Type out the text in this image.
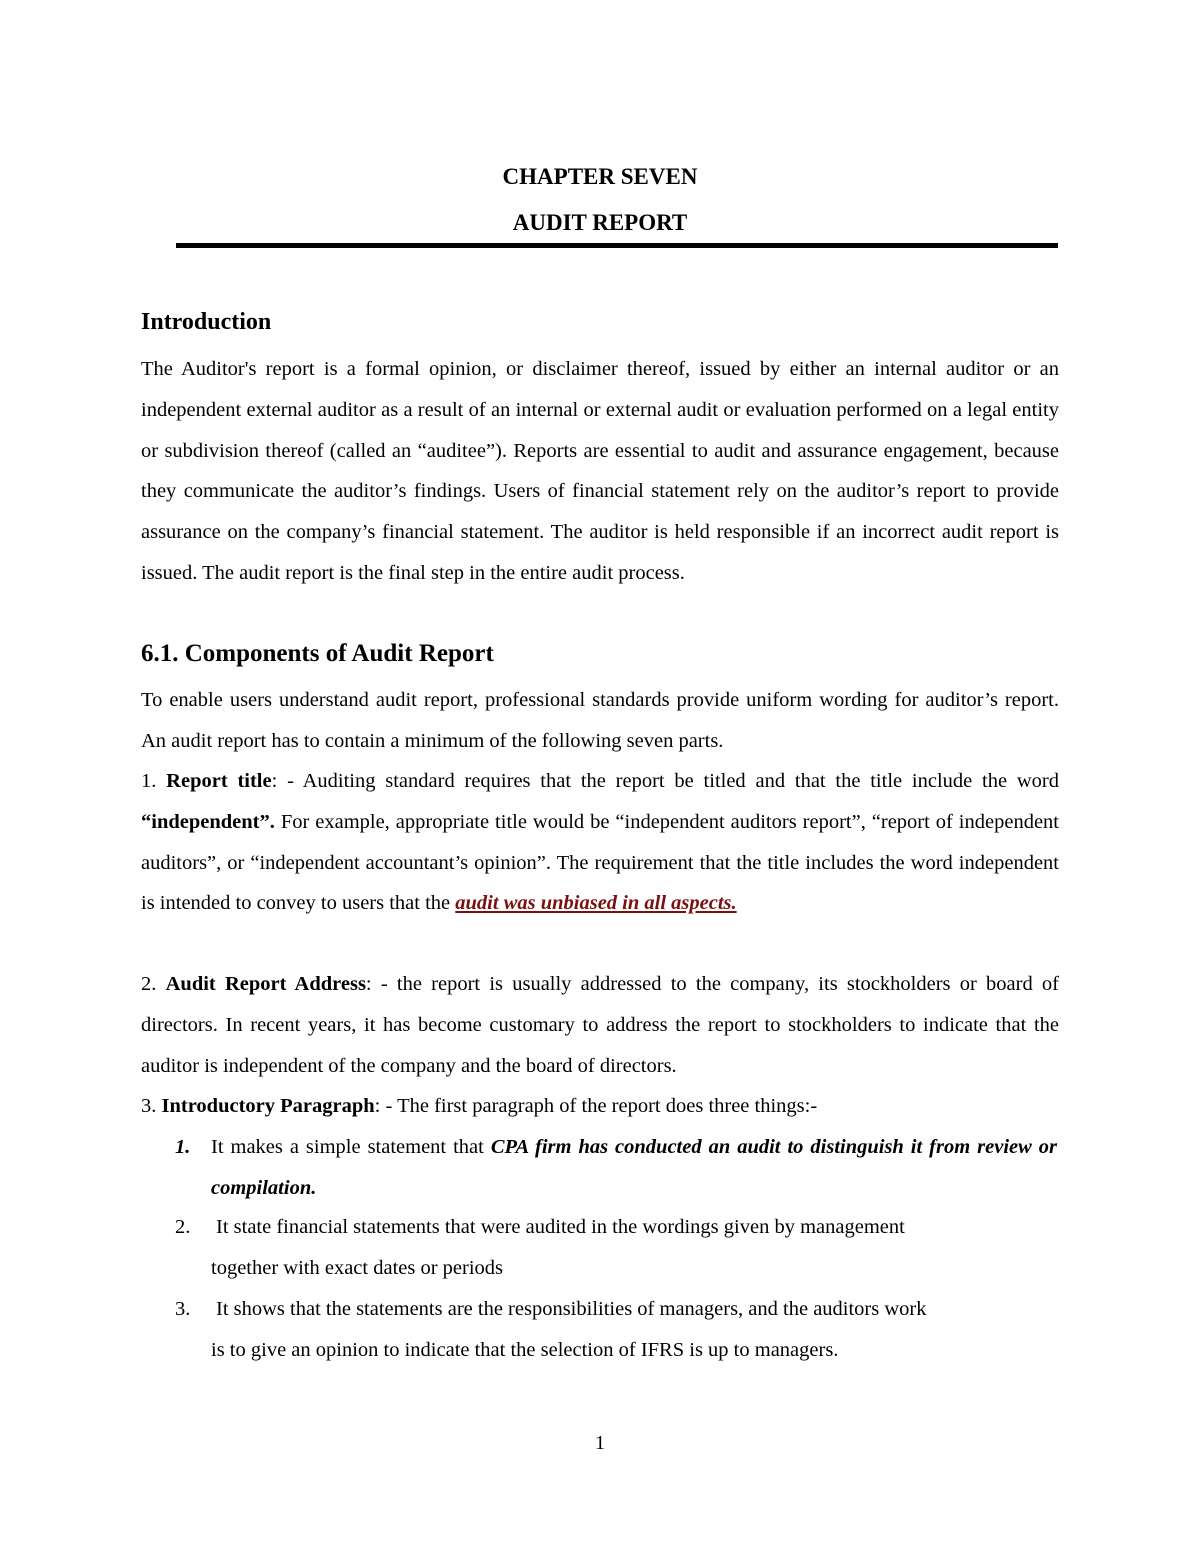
CHAPTER SEVEN
AUDIT REPORT
Introduction

The Auditor's report is a formal opinion, or disclaimer thereof, issued by either an internal auditor or an independent external auditor as a result of an internal or external audit or evaluation performed on a legal entity or subdivision thereof (called an “auditee”). Reports are essential to audit and assurance engagement, because they communicate the auditor’s findings. Users of financial statement rely on the auditor’s report to provide assurance on the company’s financial statement. The auditor is held responsible if an incorrect audit report is issued. The audit report is the final step in the entire audit process.

6.1. Components of Audit Report

To enable users understand audit report, professional standards provide uniform wording for auditor’s report. An audit report has to contain a minimum of the following seven parts.

1. Report title: - Auditing standard requires that the report be titled and that the title include the word “independent”. For example, appropriate title would be “independent auditors report”, “report of independent auditors”, or “independent accountant’s opinion”. The requirement that the title includes the word independent is intended to convey to users that the audit was unbiased in all aspects.

2. Audit Report Address: - the report is usually addressed to the company, its stockholders or board of directors. In recent years, it has become customary to address the report to stockholders to indicate that the auditor is independent of the company and the board of directors.

3. Introductory Paragraph: - The first paragraph of the report does three things:-

1. It makes a simple statement that CPA firm has conducted an audit to distinguish it from review or compilation.

2. It state financial statements that were audited in the wordings given by management
together with exact dates or periods
3. It shows that the statements are the responsibilities of managers, and the auditors work
is to give an opinion to indicate that the selection of IFRS is up to managers.
1
